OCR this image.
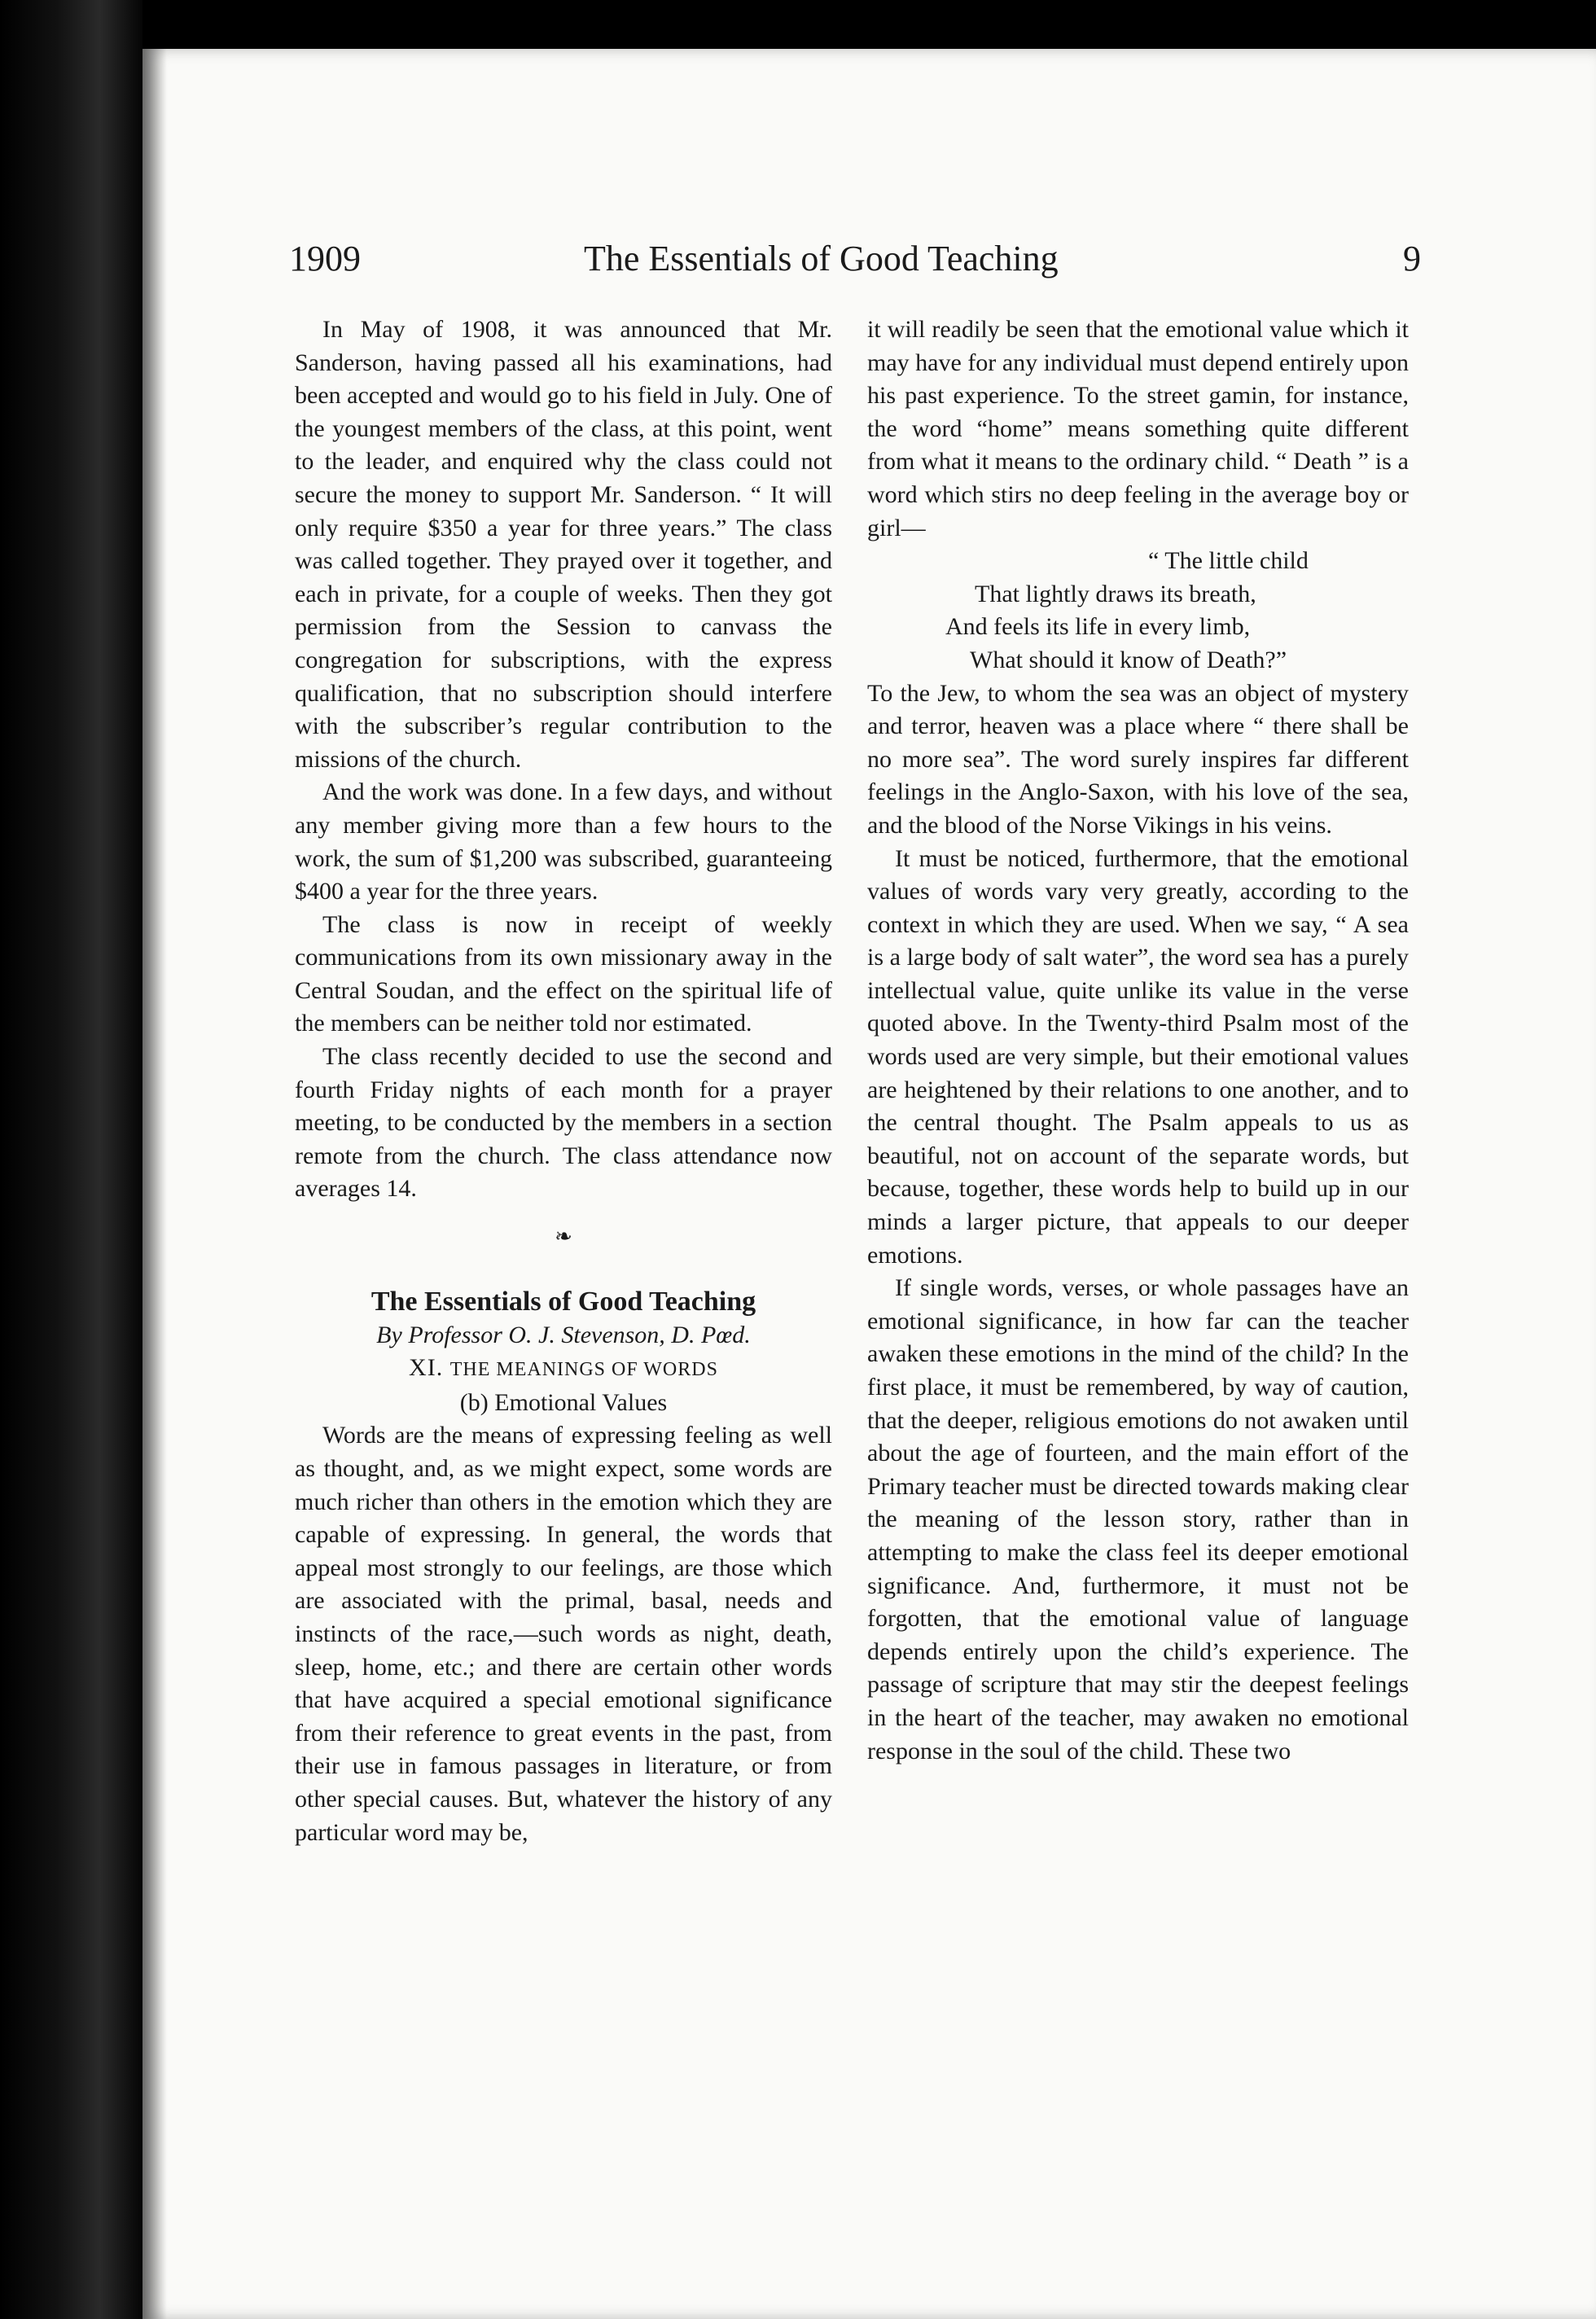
1909	The Essentials of Good Teaching	9

In May of 1908, it was announced that Mr. Sanderson, having passed all his examinations, had been accepted and would go to his field in July. One of the youngest members of the class, at this point, went to the leader, and enquired why the class could not secure the money to support Mr. Sanderson. “ It will only require $350 a year for three years.” The class was called together. They prayed over it together, and each in private, for a couple of weeks. Then they got permission from the Session to canvass the congregation for subscriptions, with the express qualification, that no subscription should interfere with the subscriber’s regular contribution to the missions of the church.

And the work was done. In a few days, and without any member giving more than a few hours to the work, the sum of $1,200 was subscribed, guaranteeing $400 a year for the three years.

The class is now in receipt of weekly communications from its own missionary away in the Central Soudan, and the effect on the spiritual life of the members can be neither told nor estimated.

The class recently decided to use the second and fourth Friday nights of each month for a prayer meeting, to be conducted by the members in a section remote from the church. The class attendance now averages 14.

❧
The Essentials of Good Teaching
By Professor O. J. Stevenson, D. Pœd.
XI. THE MEANINGS OF WORDS
(b) Emotional Values

Words are the means of expressing feeling as well as thought, and, as we might expect, some words are much richer than others in the emotion which they are capable of expressing. In general, the words that appeal most strongly to our feelings, are those which are associated with the primal, basal, needs and instincts of the race,—such words as night, death, sleep, home, etc.; and there are certain other words that have acquired a special emotional significance from their reference to great events in the past, from their use in famous passages in literature, or from other special causes. But, whatever the history of any particular word may be,

it will readily be seen that the emotional value which it may have for any individual must depend entirely upon his past experience. To the street gamin, for instance, the word “home” means something quite different from what it means to the ordinary child. “ Death ” is a word which stirs no deep feeling in the average boy or girl—

“ The little child
That lightly draws its breath,
And feels its life in every limb,
What should it know of Death?”

To the Jew, to whom the sea was an object of mystery and terror, heaven was a place where “ there shall be no more sea”. The word surely inspires far different feelings in the Anglo-Saxon, with his love of the sea, and the blood of the Norse Vikings in his veins.

It must be noticed, furthermore, that the emotional values of words vary very greatly, according to the context in which they are used. When we say, “ A sea is a large body of salt water”, the word sea has a purely intellectual value, quite unlike its value in the verse quoted above. In the Twenty-third Psalm most of the words used are very simple, but their emotional values are heightened by their relations to one another, and to the central thought. The Psalm appeals to us as beautiful, not on account of the separate words, but because, together, these words help to build up in our minds a larger picture, that appeals to our deeper emotions.

If single words, verses, or whole passages have an emotional significance, in how far can the teacher awaken these emotions in the mind of the child? In the first place, it must be remembered, by way of caution, that the deeper, religious emotions do not awaken until about the age of fourteen, and the main effort of the Primary teacher must be directed towards making clear the meaning of the lesson story, rather than in attempting to make the class feel its deeper emotional significance. And, furthermore, it must not be forgotten, that the emotional value of language depends entirely upon the child’s experience. The passage of scripture that may stir the deepest feelings in the heart of the teacher, may awaken no emotional response in the soul of the child. These two
